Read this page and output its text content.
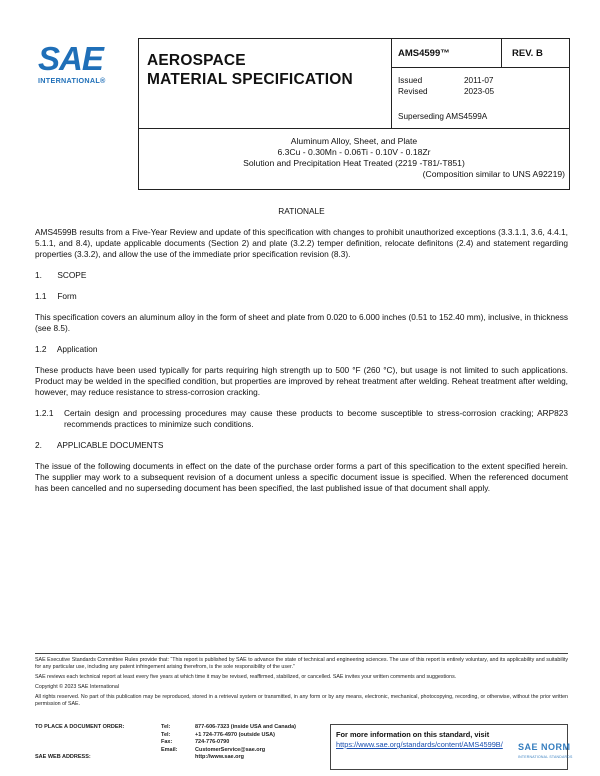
SAE
INTERNATIONAL®
AEROSPACE
MATERIAL SPECIFICATION
AMS4599™	REV. B
Issued	2011-07
Revised	2023-05
Superseding AMS4599A
Aluminum Alloy, Sheet, and Plate
6.3Cu - 0.30Mn - 0.06Ti - 0.10V - 0.18Zr
Solution and Precipitation Heat Treated (2219 -T81/-T851)
(Composition similar to UNS A92219)
RATIONALE
AMS4599B results from a Five-Year Review and update of this specification with changes to prohibit unauthorized exceptions (3.3.1.1, 3.6, 4.4.1, 5.1.1, and 8.4), update applicable documents (Section 2) and plate (3.2.2) temper definition, relocate definitons (2.4) and statement regarding properties (3.3.2), and allow the use of the immediate prior specification revision (8.3).
1. SCOPE
1.1 Form
This specification covers an aluminum alloy in the form of sheet and plate from 0.020 to 6.000 inches (0.51 to 152.40 mm), inclusive, in thickness (see 8.5).
1.2 Application
These products have been used typically for parts requiring high strength up to 500 °F (260 °C), but usage is not limited to such applications. Product may be welded in the specified condition, but properties are improved by reheat treatment after welding. Reheat treatment after welding, however, may reduce resistance to stress-corrosion cracking.
1.2.1	Certain design and processing procedures may cause these products to become susceptible to stress-corrosion cracking; ARP823 recommends practices to minimize such conditions.
2. APPLICABLE DOCUMENTS
The issue of the following documents in effect on the date of the purchase order forms a part of this specification to the extent specified herein. The supplier may work to a subsequent revision of a document unless a specific document issue is specified. When the referenced document has been cancelled and no superseding document has been specified, the last published issue of that document shall apply.

SAE Executive Standards Committee Rules provide that: “This report is published by SAE to advance the state of technical and engineering sciences. The use of this report is entirely voluntary, and its applicability and suitability for any particular use, including any patent infringement arising therefrom, is the sole responsibility of the user.”

SAE reviews each technical report at least every five years at which time it may be revised, reaffirmed, stabilized, or cancelled. SAE invites your written comments and suggestions.

Copyright © 2023 SAE International

All rights reserved. No part of this publication may be reproduced, stored in a retrieval system or transmitted, in any form or by any means, electronic, mechanical, photocopying, recording, or otherwise, without the prior written permission of SAE.

TO PLACE A DOCUMENT ORDER:	Tel:	877-606-7323 (inside USA and Canada)
Tel:	+1 724-776-4970 (outside USA)
Fax:	724-776-0790
Email:	CustomerService@sae.org
SAE WEB ADDRESS:	http://www.sae.org
For more information on this standard, visit
https://www.sae.org/standards/content/AMS4599B/	SAE NORM
INTERNATIONAL STANDARDS
